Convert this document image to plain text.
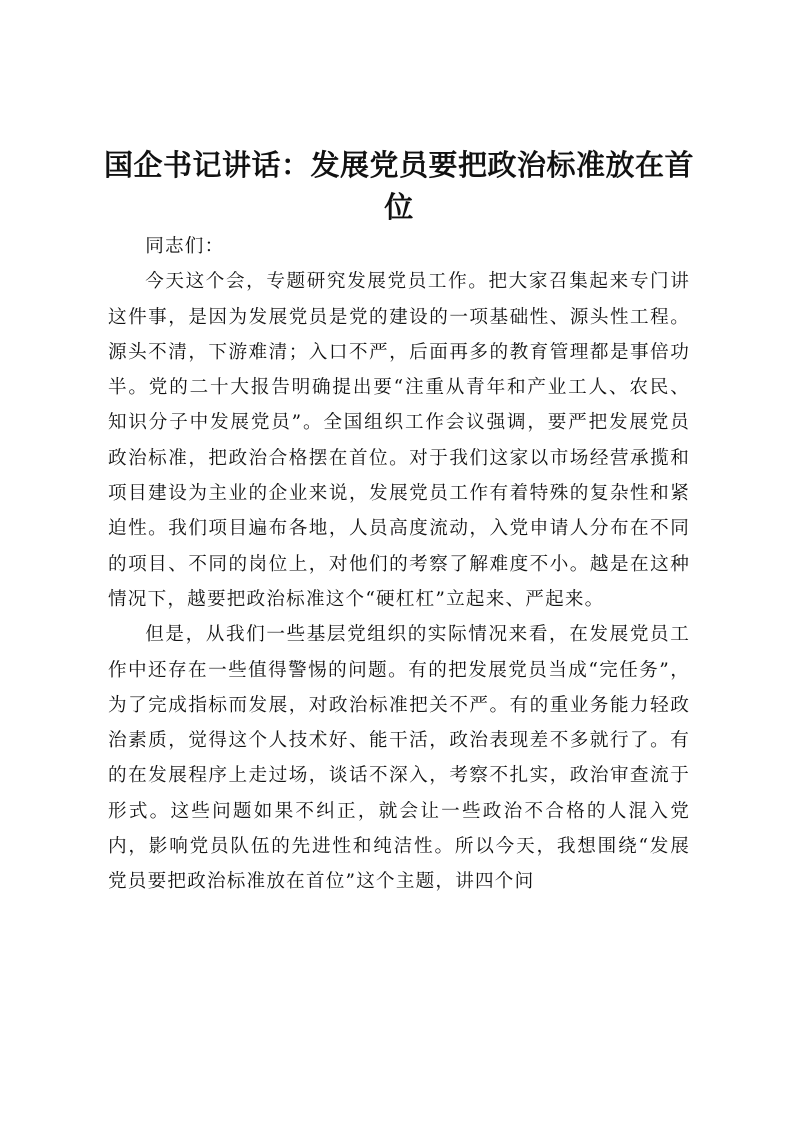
国企书记讲话：发展党员要把政治标准放在首位

同志们：

今天这个会，专题研究发展党员工作。把大家召集起来专门讲这件事，是因为发展党员是党的建设的一项基础性、源头性工程。源头不清，下游难清；入口不严，后面再多的教育管理都是事倍功半。党的二十大报告明确提出要“注重从青年和产业工人、农民、知识分子中发展党员”。全国组织工作会议强调，要严把发展党员政治标准，把政治合格摆在首位。对于我们这家以市场经营承揽和项目建设为主业的企业来说，发展党员工作有着特殊的复杂性和紧迫性。我们项目遍布各地，人员高度流动，入党申请人分布在不同的项目、不同的岗位上，对他们的考察了解难度不小。越是在这种情况下，越要把政治标准这个“硬杠杠”立起来、严起来。

但是，从我们一些基层党组织的实际情况来看，在发展党员工作中还存在一些值得警惕的问题。有的把发展党员当成“完任务”，为了完成指标而发展，对政治标准把关不严。有的重业务能力轻政治素质，觉得这个人技术好、能干活，政治表现差不多就行了。有的在发展程序上走过场，谈话不深入，考察不扎实，政治审查流于形式。这些问题如果不纠正，就会让一些政治不合格的人混入党内，影响党员队伍的先进性和纯洁性。所以今天，我想围绕“发展党员要把政治标准放在首位”这个主题，讲四个问
